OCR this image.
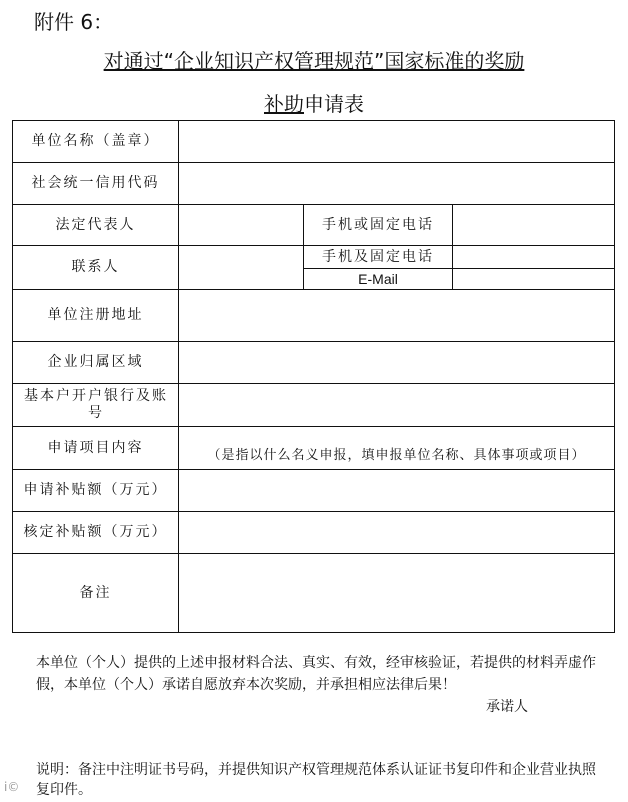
附件 6：
对通过“企业知识产权管理规范”国家标准的奖励
补助申请表
单位名称（盖章）
社会统一信用代码
法定代表人	手机或固定电话
联系人
手机及固定电话
E-Mail
单位注册地址
企业归属区域
基本户开户银行及账号
申请项目内容	（是指以什么名义申报，填申报单位名称、具体事项或项目）
申请补贴额（万元）
核定补贴额（万元）
备注
本单位（个人）提供的上述申报材料合法、真实、有效，经审核验证，若提供的材料弄虚作假，本单位（个人）承诺自愿放弃本次奖励，并承担相应法律后果！
承诺人
说明：备注中注明证书号码，并提供知识产权管理规范体系认证证书复印件和企业营业执照复印件。
i©
